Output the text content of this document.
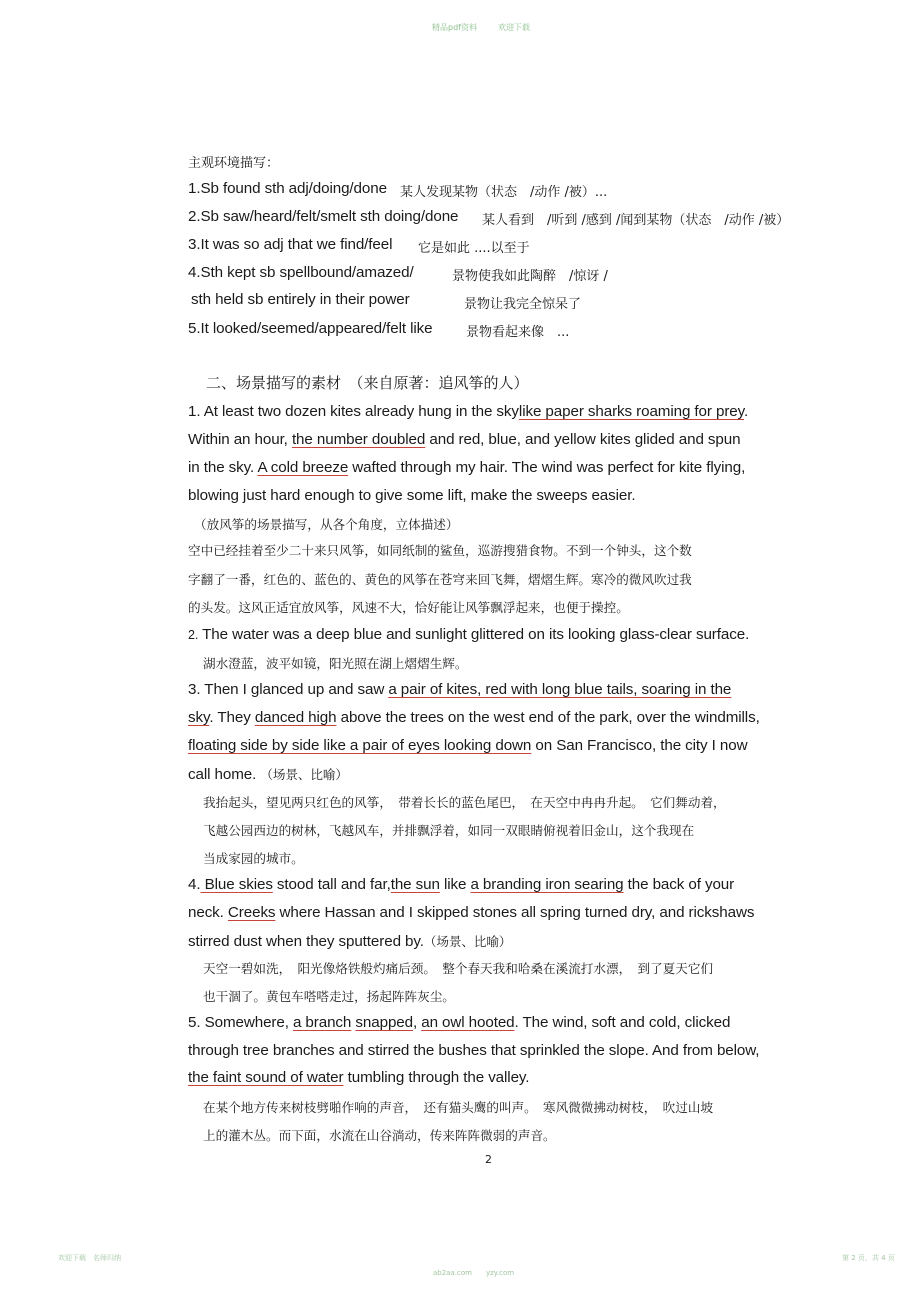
精品pdf资料	欢迎下载
主观环境描写：
1.Sb found sth adj/doing/done 某人发现某物（状态　/动作 /被）...
2.Sb saw/heard/felt/smelt sth doing/done 某人看到　/听到 /感到 /闻到某物（状态　/动作 /被）
3.It was so adj that we find/feel 它是如此 ....以至于
4.Sth kept sb spellbound/amazed/	景物使我如此陶醉　/惊讶 /
sth held sb entirely in their power	景物让我完全惊呆了
5.It looked/seemed/appeared/felt like	景物看起来像　...
二、场景描写的素材　（来自原著：追风筝的人）
1. At least two dozen kites already hung in the skylike paper sharks roaming for prey.
Within an hour, the number doubled and red, blue, and yellow kites glided and spun
in the sky. A cold breeze wafted through my hair. The wind was perfect for kite flying,
blowing just hard enough to give some lift, make the sweeps easier.
（放风筝的场景描写，从各个角度，立体描述）
空中已经挂着至少二十来只风筝，如同纸制的鲨鱼，巡游搜猎食物。不到一个钟头，这个数
字翻了一番，红色的、蓝色的、黄色的风筝在苍穹来回飞舞，熠熠生辉。寒冷的微风吹过我
的头发。这风正适宜放风筝，风速不大，恰好能让风筝飘浮起来，也便于操控。
2. The water was a deep blue and sunlight glittered on its looking glass-clear surface.
湖水澄蓝，波平如镜，阳光照在湖上熠熠生辉。
3. Then I glanced up and saw a pair of kites, red with long blue tails, soaring in the
sky. They danced high above the trees on the west end of the park, over the windmills,
floating side by side like a pair of eyes looking down on San Francisco, the city I now
call home. （场景、比喻）
我抬起头，望见两只红色的风筝，　带着长长的蓝色尾巴，　在天空中冉冉升起。　它们舞动着，
飞越公园西边的树林，飞越风车，并排飘浮着，如同一双眼睛俯视着旧金山，这个我现在
当成家园的城市。
4. Blue skies stood tall and far,the sun like a branding iron searing the back of your
neck. Creeks where Hassan and I skipped stones all spring turned dry, and rickshaws
stirred dust when they sputtered by.（场景、比喻）
天空一碧如洗，　阳光像烙铁般灼痛后颈。　整个春天我和哈桑在溪流打水漂，　到了夏天它们
也干涸了。黄包车嗒嗒走过，扬起阵阵灰尘。
5. Somewhere, a branch snapped, an owl hooted. The wind, soft and cold, clicked
through tree branches and stirred the bushes that sprinkled the slope. And from below,
the faint sound of water tumbling through the valley.
在某个地方传来树枝劈啪作响的声音，　还有猫头鹰的叫声。　寒风微微拂动树枝，　吹过山坡
上的灌木丛。而下面，水流在山谷淌动，传来阵阵微弱的声音。
2
欢迎下载　名师归纳
ab2aa.com　　yzy.com
第 2 页，共 4 页
